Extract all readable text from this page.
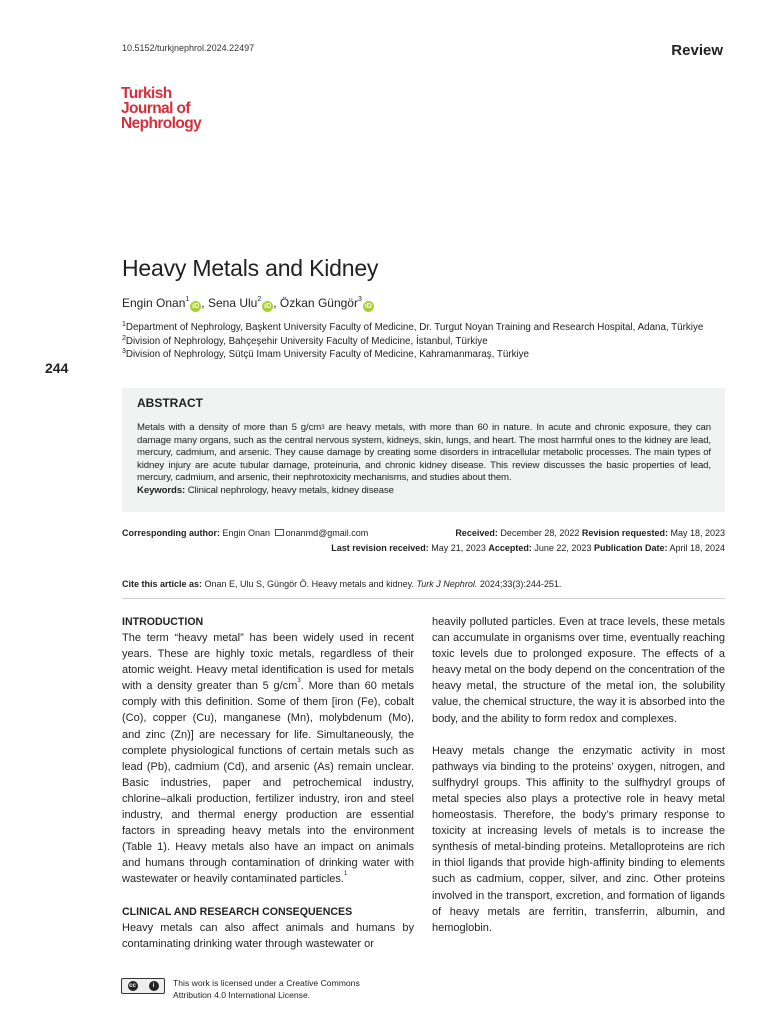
10.5152/turkjnephrol.2024.22497	Review
Turkish
Journal of
Nephrology
Heavy Metals and Kidney
Engin Onan$^1$iD , Sena Ulu$^2$iD , Özkan Güngör$^3$iD

$^1$Department of Nephrology, Başkent University Faculty of Medicine, Dr. Turgut Noyan Training and Research Hospital, Adana, Türkiye

$^2$Division of Nephrology, Bahçeşehir University Faculty of Medicine, İstanbul, Türkiye

$^3$Division of Nephrology, Sütçü Imam University Faculty of Medicine, Kahramanmaraş, Türkiye

244
ABSTRACT

Metals with a density of more than 5 $g/cm^3$ are heavy metals, with more than 60 in nature. In acute and chronic exposure, they can damage many organs, such as the central nervous system, kidneys, skin, lungs, and heart. The most harmful ones to the kidney are lead, mercury, cadmium, and arsenic. They cause damage by creating some disorders in intracellular metabolic processes. The main types of kidney injury are acute tubular damage, proteinuria, and chronic kidney disease. This review discusses the basic properties of lead, mercury, cadmium, and arsenic, their nephrotoxicity mechanisms, and studies about them.

Keywords: Clinical nephrology, heavy metals, kidney disease

Corresponding author: Engin Onan onanmd@gmail.com	Received: December 28, 2022 Revision requested: May 18, 2023
Last revision received: May 21, 2023 Accepted: June 22, 2023 Publication Date: April 18, 2024
Cite this article as: Onan E, Ulu S, Güngör Ö. Heavy metals and kidney. Turk J Nephrol. 2024;33(3):244-251.
INTRODUCTION

The term “heavy metal” has been widely used in recent years. These are highly toxic metals, regardless of their atomic weight. Heavy metal identification is used for metals with a density greater than 5 $g/cm^3$. More than 60 metals comply with this definition. Some of them [iron (Fe), cobalt (Co), copper (Cu), manganese (Mn), molybdenum (Mo), and zinc (Zn)] are necessary for life. Simultaneously, the complete physiological functions of certain metals such as lead (Pb), cadmium (Cd), and arsenic (As) remain unclear. Basic industries, paper and petrochemical industry, chlorine–alkali production, fertilizer industry, iron and steel industry, and thermal energy production are essential factors in spreading heavy metals into the environment (Table 1). Heavy metals also have an impact on animals and humans through contamination of drinking water with wastewater or heavily contaminated particles.$^1$

CLINICAL AND RESEARCH CONSEQUENCES

Heavy metals can also affect animals and humans by contaminating drinking water through wastewater or

heavily polluted particles. Even at trace levels, these metals can accumulate in organisms over time, eventually reaching toxic levels due to prolonged exposure. The effects of a heavy metal on the body depend on the concentration of the heavy metal, the structure of the metal ion, the solubility value, the chemical structure, the way it is absorbed into the body, and the ability to form redox and complexes.

Heavy metals change the enzymatic activity in most pathways via binding to the proteins’ oxygen, nitrogen, and sulfhydryl groups. This affinity to the sulfhydryl groups of metal species also plays a protective role in heavy metal homeostasis. Therefore, the body’s primary response to toxicity at increasing levels of metals is to increase the synthesis of metal-binding proteins. Metalloproteins are rich in thiol ligands that provide high-affinity binding to elements such as cadmium, copper, silver, and zinc. Other proteins involved in the transport, excretion, and formation of ligands of heavy metals are ferritin, transferrin, albumin, and hemoglobin.

cc	i	This work is licensed under a Creative Commons
Attribution 4.0 International License.
